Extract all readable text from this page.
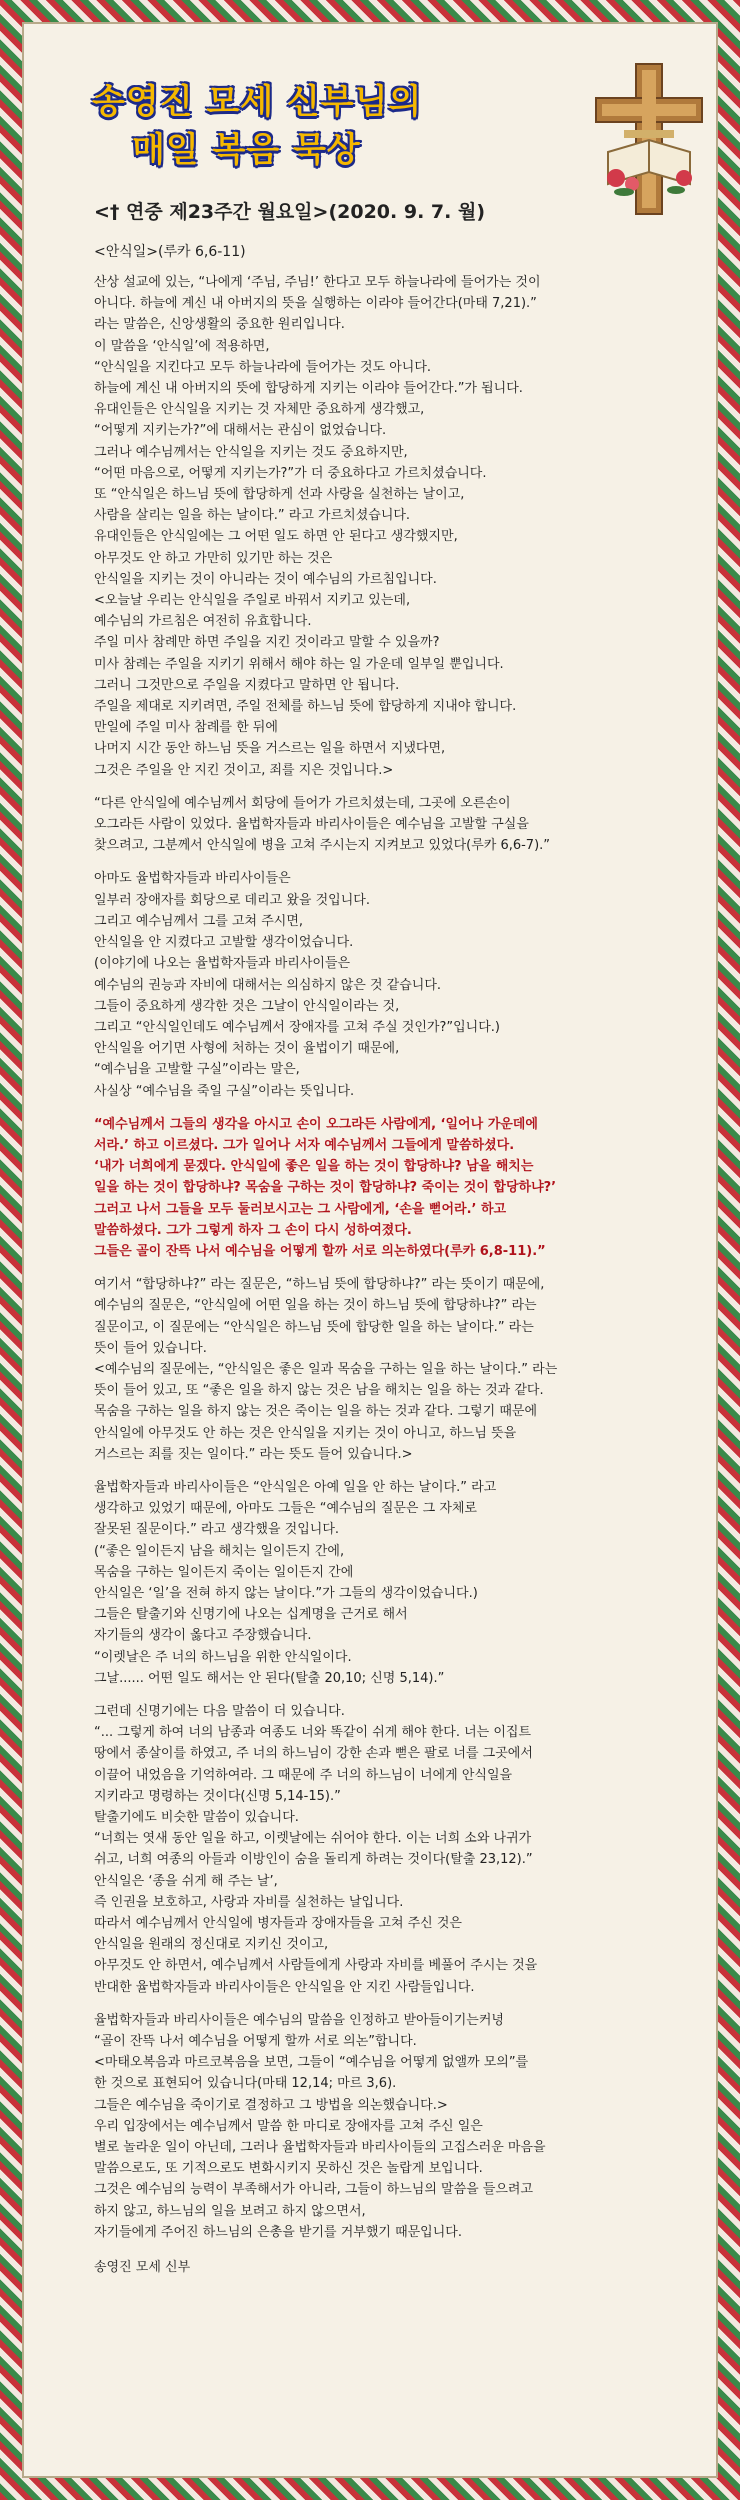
송영진 모세 신부님의
매일 복음 묵상
<† 연중 제23주간 월요일>(2020. 9. 7. 월)
<안식일>(루카 6,6-11)

산상 설교에 있는, “나에게 ‘주님, 주님!’ 한다고 모두 하늘나라에 들어가는 것이
아니다. 하늘에 계신 내 아버지의 뜻을 실행하는 이라야 들어간다(마태 7,21).”
라는 말씀은, 신앙생활의 중요한 원리입니다.
이 말씀을 ‘안식일’에 적용하면,
“안식일을 지킨다고 모두 하늘나라에 들어가는 것도 아니다.
하늘에 계신 내 아버지의 뜻에 합당하게 지키는 이라야 들어간다.”가 됩니다.
유대인들은 안식일을 지키는 것 자체만 중요하게 생각했고,
“어떻게 지키는가?”에 대해서는 관심이 없었습니다.
그러나 예수님께서는 안식일을 지키는 것도 중요하지만,
“어떤 마음으로, 어떻게 지키는가?”가 더 중요하다고 가르치셨습니다.
또 “안식일은 하느님 뜻에 합당하게 선과 사랑을 실천하는 날이고,
사람을 살리는 일을 하는 날이다.” 라고 가르치셨습니다.
유대인들은 안식일에는 그 어떤 일도 하면 안 된다고 생각했지만,
아무것도 안 하고 가만히 있기만 하는 것은
안식일을 지키는 것이 아니라는 것이 예수님의 가르침입니다.
<오늘날 우리는 안식일을 주일로 바꿔서 지키고 있는데,
예수님의 가르침은 여전히 유효합니다.
주일 미사 참례만 하면 주일을 지킨 것이라고 말할 수 있을까?
미사 참례는 주일을 지키기 위해서 해야 하는 일 가운데 일부일 뿐입니다.
그러니 그것만으로 주일을 지켰다고 말하면 안 됩니다.
주일을 제대로 지키려면, 주일 전체를 하느님 뜻에 합당하게 지내야 합니다.
만일에 주일 미사 참례를 한 뒤에
나머지 시간 동안 하느님 뜻을 거스르는 일을 하면서 지냈다면,
그것은 주일을 안 지킨 것이고, 죄를 지은 것입니다.>

“다른 안식일에 예수님께서 회당에 들어가 가르치셨는데, 그곳에 오른손이
오그라든 사람이 있었다. 율법학자들과 바리사이들은 예수님을 고발할 구실을
찾으려고, 그분께서 안식일에 병을 고쳐 주시는지 지켜보고 있었다(루카 6,6-7).”

아마도 율법학자들과 바리사이들은
일부러 장애자를 회당으로 데리고 왔을 것입니다.
그리고 예수님께서 그를 고쳐 주시면,
안식일을 안 지켰다고 고발할 생각이었습니다.
(이야기에 나오는 율법학자들과 바리사이들은
예수님의 권능과 자비에 대해서는 의심하지 않은 것 같습니다.
그들이 중요하게 생각한 것은 그날이 안식일이라는 것,
그리고 “안식일인데도 예수님께서 장애자를 고쳐 주실 것인가?”입니다.)
안식일을 어기면 사형에 처하는 것이 율법이기 때문에,
“예수님을 고발할 구실”이라는 말은,
사실상 “예수님을 죽일 구실”이라는 뜻입니다.

“예수님께서 그들의 생각을 아시고 손이 오그라든 사람에게, ‘일어나 가운데에
서라.’ 하고 이르셨다. 그가 일어나 서자 예수님께서 그들에게 말씀하셨다.
‘내가 너희에게 묻겠다. 안식일에 좋은 일을 하는 것이 합당하냐? 남을 해치는
일을 하는 것이 합당하냐? 목숨을 구하는 것이 합당하냐? 죽이는 것이 합당하냐?’
그러고 나서 그들을 모두 둘러보시고는 그 사람에게, ‘손을 뻗어라.’ 하고
말씀하셨다. 그가 그렇게 하자 그 손이 다시 성하여졌다.
그들은 골이 잔뜩 나서 예수님을 어떻게 할까 서로 의논하였다(루카 6,8-11).”

여기서 “합당하냐?” 라는 질문은, “하느님 뜻에 합당하냐?” 라는 뜻이기 때문에,
예수님의 질문은, “안식일에 어떤 일을 하는 것이 하느님 뜻에 합당하냐?” 라는
질문이고, 이 질문에는 “안식일은 하느님 뜻에 합당한 일을 하는 날이다.” 라는
뜻이 들어 있습니다.
<예수님의 질문에는, “안식일은 좋은 일과 목숨을 구하는 일을 하는 날이다.” 라는
뜻이 들어 있고, 또 “좋은 일을 하지 않는 것은 남을 해치는 일을 하는 것과 같다.
목숨을 구하는 일을 하지 않는 것은 죽이는 일을 하는 것과 같다. 그렇기 때문에
안식일에 아무것도 안 하는 것은 안식일을 지키는 것이 아니고, 하느님 뜻을
거스르는 죄를 짓는 일이다.” 라는 뜻도 들어 있습니다.>

율법학자들과 바리사이들은 “안식일은 아예 일을 안 하는 날이다.” 라고
생각하고 있었기 때문에, 아마도 그들은 “예수님의 질문은 그 자체로
잘못된 질문이다.” 라고 생각했을 것입니다.
(“좋은 일이든지 남을 해치는 일이든지 간에,
목숨을 구하는 일이든지 죽이는 일이든지 간에
안식일은 ‘일’을 전혀 하지 않는 날이다.”가 그들의 생각이었습니다.)
그들은 탈출기와 신명기에 나오는 십계명을 근거로 해서
자기들의 생각이 옳다고 주장했습니다.
“이렛날은 주 너의 하느님을 위한 안식일이다.
그날...... 어떤 일도 해서는 안 된다(탈출 20,10; 신명 5,14).”

그런데 신명기에는 다음 말씀이 더 있습니다.
“... 그렇게 하여 너의 남종과 여종도 너와 똑같이 쉬게 해야 한다. 너는 이집트
땅에서 종살이를 하였고, 주 너의 하느님이 강한 손과 뻗은 팔로 너를 그곳에서
이끌어 내었음을 기억하여라. 그 때문에 주 너의 하느님이 너에게 안식일을
지키라고 명령하는 것이다(신명 5,14-15).”
탈출기에도 비슷한 말씀이 있습니다.
“너희는 엿새 동안 일을 하고, 이렛날에는 쉬어야 한다. 이는 너희 소와 나귀가
쉬고, 너희 여종의 아들과 이방인이 숨을 돌리게 하려는 것이다(탈출 23,12).”
안식일은 ‘종을 쉬게 해 주는 날’,
즉 인권을 보호하고, 사랑과 자비를 실천하는 날입니다.
따라서 예수님께서 안식일에 병자들과 장애자들을 고쳐 주신 것은
안식일을 원래의 정신대로 지키신 것이고,
아무것도 안 하면서, 예수님께서 사람들에게 사랑과 자비를 베풀어 주시는 것을
반대한 율법학자들과 바리사이들은 안식일을 안 지킨 사람들입니다.

율법학자들과 바리사이들은 예수님의 말씀을 인정하고 받아들이기는커녕
“골이 잔뜩 나서 예수님을 어떻게 할까 서로 의논”합니다.
<마태오복음과 마르코복음을 보면, 그들이 “예수님을 어떻게 없앨까 모의”를
한 것으로 표현되어 있습니다(마태 12,14; 마르 3,6).
그들은 예수님을 죽이기로 결정하고 그 방법을 의논했습니다.>
우리 입장에서는 예수님께서 말씀 한 마디로 장애자를 고쳐 주신 일은
별로 놀라운 일이 아닌데, 그러나 율법학자들과 바리사이들의 고집스러운 마음을
말씀으로도, 또 기적으로도 변화시키지 못하신 것은 놀랍게 보입니다.
그것은 예수님의 능력이 부족해서가 아니라, 그들이 하느님의 말씀을 들으려고
하지 않고, 하느님의 일을 보려고 하지 않으면서,
자기들에게 주어진 하느님의 은총을 받기를 거부했기 때문입니다.

송영진 모세 신부
